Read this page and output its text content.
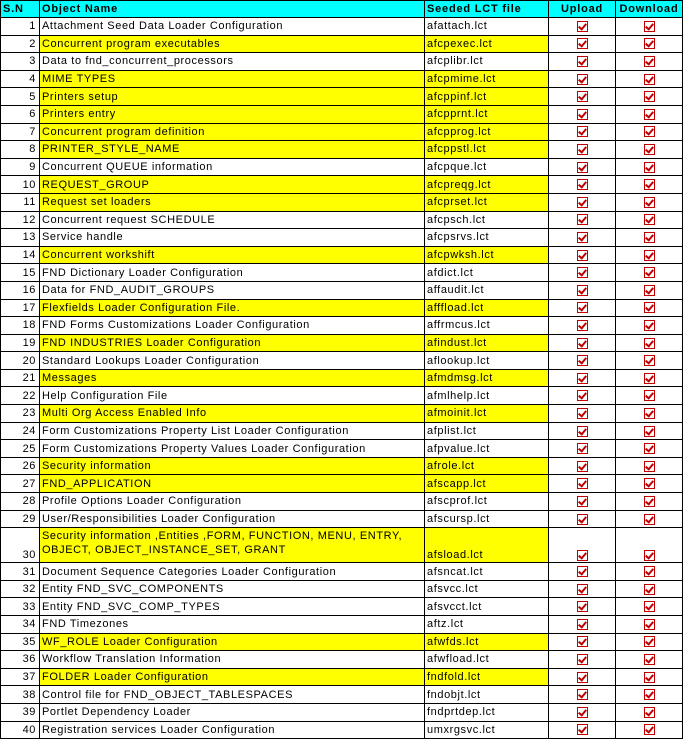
S.N	Object Name	Seeded LCT file	Upload	Download
1	Attachment Seed Data Loader Configuration	afattach.lct		
2	Concurrent program executables	afcpexec.lct		
3	Data to fnd_concurrent_processors	afcplibr.lct		
4	MIME TYPES	afcpmime.lct		
5	Printers setup	afcppinf.lct		
6	Printers entry	afcpprnt.lct		
7	Concurrent program definition	afcpprog.lct		
8	PRINTER_STYLE_NAME	afcppstl.lct		
9	Concurrent QUEUE information	afcpque.lct		
10	REQUEST_GROUP	afcpreqg.lct		
11	Request set loaders	afcprset.lct		
12	Concurrent request SCHEDULE	afcpsch.lct		
13	Service handle	afcpsrvs.lct		
14	Concurrent workshift	afcpwksh.lct		
15	FND Dictionary Loader Configuration	afdict.lct		
16	Data for FND_AUDIT_GROUPS	affaudit.lct		
17	Flexfields Loader Configuration File.	afffload.lct		
18	FND Forms Customizations Loader Configuration	affrmcus.lct		
19	FND INDUSTRIES Loader Configuration	afindust.lct		
20	Standard Lookups Loader Configuration	aflookup.lct		
21	Messages	afmdmsg.lct		
22	Help Configuration File	afmlhelp.lct		
23	Multi Org Access Enabled Info	afmoinit.lct		
24	Form Customizations Property List Loader Configuration	afplist.lct		
25	Form Customizations Property Values Loader Configuration	afpvalue.lct		
26	Security information	afrole.lct		
27	FND_APPLICATION	afscapp.lct		
28	Profile Options Loader Configuration	afscprof.lct		
29	User/Responsibilities Loader Configuration	afscursp.lct		
30	Security information ,Entities ,FORM, FUNCTION, MENU, ENTRY, OBJECT, OBJECT_INSTANCE_SET, GRANT	afsload.lct		
31	Document Sequence Categories Loader Configuration	afsncat.lct		
32	Entity FND_SVC_COMPONENTS	afsvcc.lct		
33	Entity FND_SVC_COMP_TYPES	afsvcct.lct		
34	FND Timezones	aftz.lct		
35	WF_ROLE Loader Configuration	afwfds.lct		
36	Workflow Translation Information	afwfload.lct		
37	FOLDER Loader Configuration	fndfold.lct		
38	Control file for FND_OBJECT_TABLESPACES	fndobjt.lct		
39	Portlet Dependency Loader	fndprtdep.lct		
40	Registration services Loader Configuration	umxrgsvc.lct		
